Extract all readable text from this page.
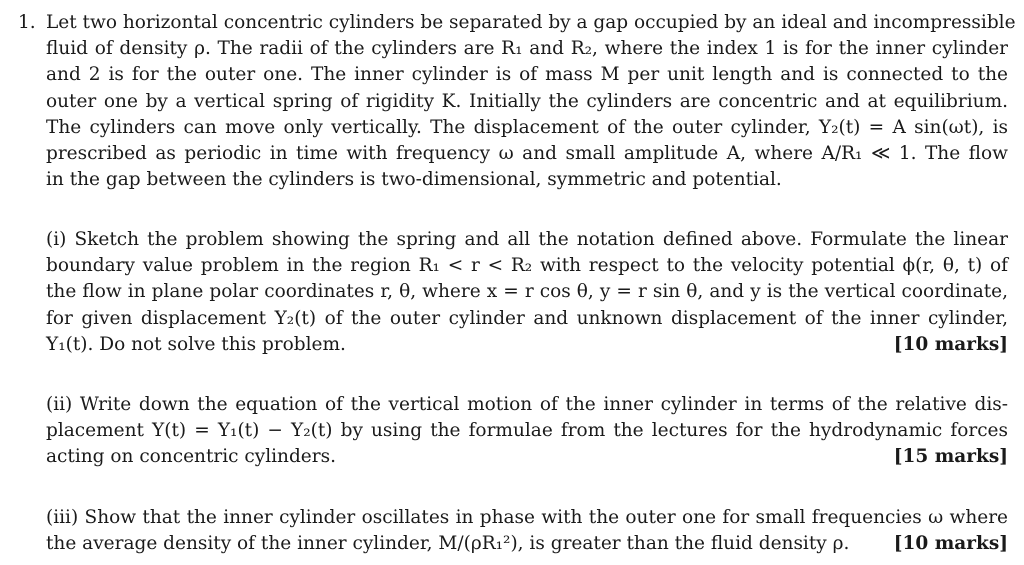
1. Let two horizontal concentric cylinders be separated by a gap occupied by an ideal and incompressible
fluid of density ρ. The radii of the cylinders are R₁ and R₂, where the index 1 is for the inner cylinder
and 2 is for the outer one. The inner cylinder is of mass M per unit length and is connected to the
outer one by a vertical spring of rigidity K. Initially the cylinders are concentric and at equilibrium.
The cylinders can move only vertically. The displacement of the outer cylinder, Y₂(t) = A sin(ωt), is
prescribed as periodic in time with frequency ω and small amplitude A, where A/R₁ ≪ 1. The flow
in the gap between the cylinders is two-dimensional, symmetric and potential.
(i) Sketch the problem showing the spring and all the notation defined above. Formulate the linear
boundary value problem in the region R₁ < r < R₂ with respect to the velocity potential ϕ(r, θ, t) of
the flow in plane polar coordinates r, θ, where x = r cos θ, y = r sin θ, and y is the vertical coordinate,
for given displacement Y₂(t) of the outer cylinder and unknown displacement of the inner cylinder,
Y₁(t). Do not solve this problem.	[10 marks]
(ii) Write down the equation of the vertical motion of the inner cylinder in terms of the relative dis-
placement Y(t) = Y₁(t) − Y₂(t) by using the formulae from the lectures for the hydrodynamic forces
acting on concentric cylinders.	[15 marks]
(iii) Show that the inner cylinder oscillates in phase with the outer one for small frequencies ω where
the average density of the inner cylinder, M/(ρR₁²), is greater than the fluid density ρ. [10 marks]
